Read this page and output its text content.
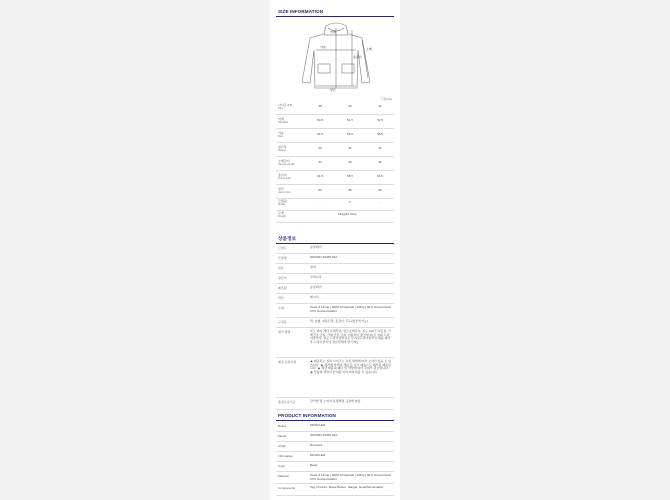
SIZE INFORMATION
어깨
가슴
총길이
소매
밑단
단위:(cm)
상품정보
PRODUCT INFORMATION
사이즈 (IT)
Size
38	40	42
어깨
Shoulder
50.5	51.5	52.5
가슴
Bust
54.5	56.5	58.5
밑단폭
Sleeve
20	21	22
소매길이
Sleeve Length
34	35	36
총길이
Full Length
64.5	65.5	66.5
밑단
Hems Size
80	85	90
모델핏
Model
-	✔	-
무게
Weight
610g(40 Size)
브랜드	몽클레어
모델명	2F00001 53425 04A
원류	원터
원산지	루마니아
제조원	몽클레어
색상	베이지
소재	Outer & Lining | 100% Polyamide | Filling | 90% Goose Down, 10% Goose Feather
구성품	택, 보형, 여분단추, 옷걸이, 후드(탈부착가능)
세탁 방법	본도 와이 세탁 손세탁하, 염소표백금지, 본도 110℃ 다림질, 기계건조 금지, 가재 건조 금지, 이탈리아 출신에 대 조 업의 드라이클리닝, 전문 드라이클리닝은 무지성드라이클리닝 제품 세탁 후 드라이클리닝 전문업체에 맡기세요
제조 유의사항	★ 제공되는 실측 사이즈는 측정 방법에 따라 오차가 있을 수 있습니다. ★ 제작에 자세히 계된 뜻 보다 제품으로 제작된 제품입니다. ★ 해당 제품의 패턴 및 색상에 따라 주의가 필요합니다. ★ 상품의 색상이 안내된 이미지와 다를 수 있습니다.
품질보증기준	관련법 및 소비자 분쟁해결 규정에 따름
Brand	MONCLER
Model	2F00001 53425 04A
Origin	Romania
Information	MONCLER
Color	Beige
Material	Outer & Lining | 100% Polyamide | Filling | 90% Goose Down, 10% Goose Feather
Components	Tag, Product, Spare Button, Hanger, Hood(Removable)
